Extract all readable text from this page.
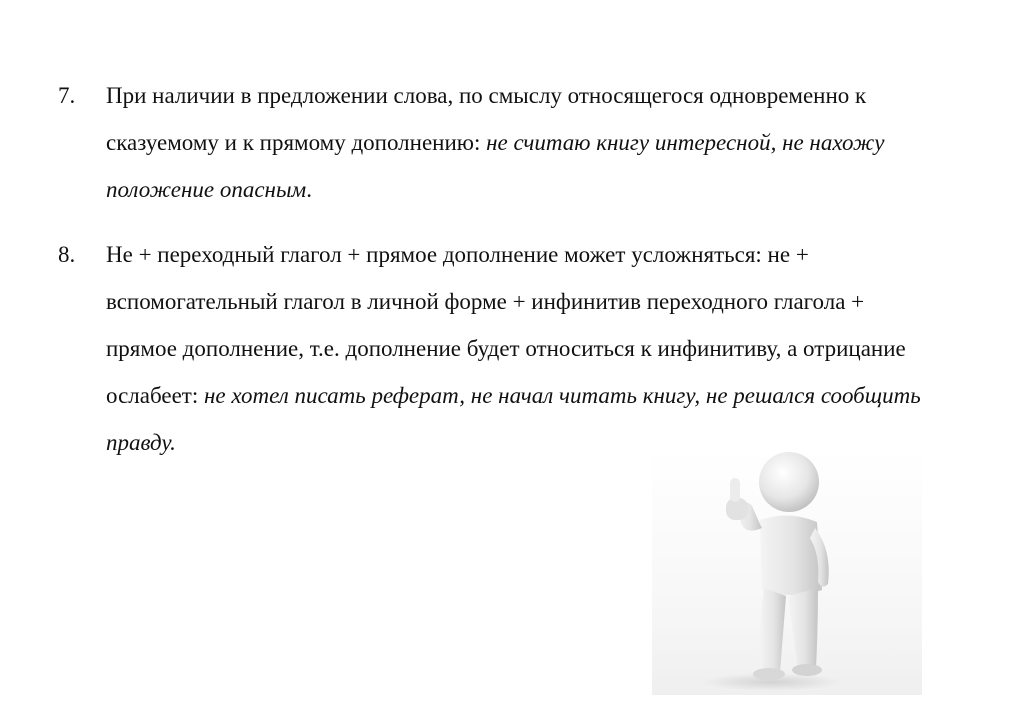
7.	При наличии в предложении слова, по смыслу относящегося одновременно к сказуемому и к прямому дополнению: не считаю книгу интересной, не нахожу положение опасным.
8.	Не + переходный глагол + прямое дополнение может усложняться: не + вспомогательный глагол в личной форме + инфинитив переходного глагола + прямое дополнение, т.е. дополнение будет относиться к инфинитиву, а отрицание ослабеет: не хотел писать реферат, не начал читать книгу, не решался сообщить правду.
